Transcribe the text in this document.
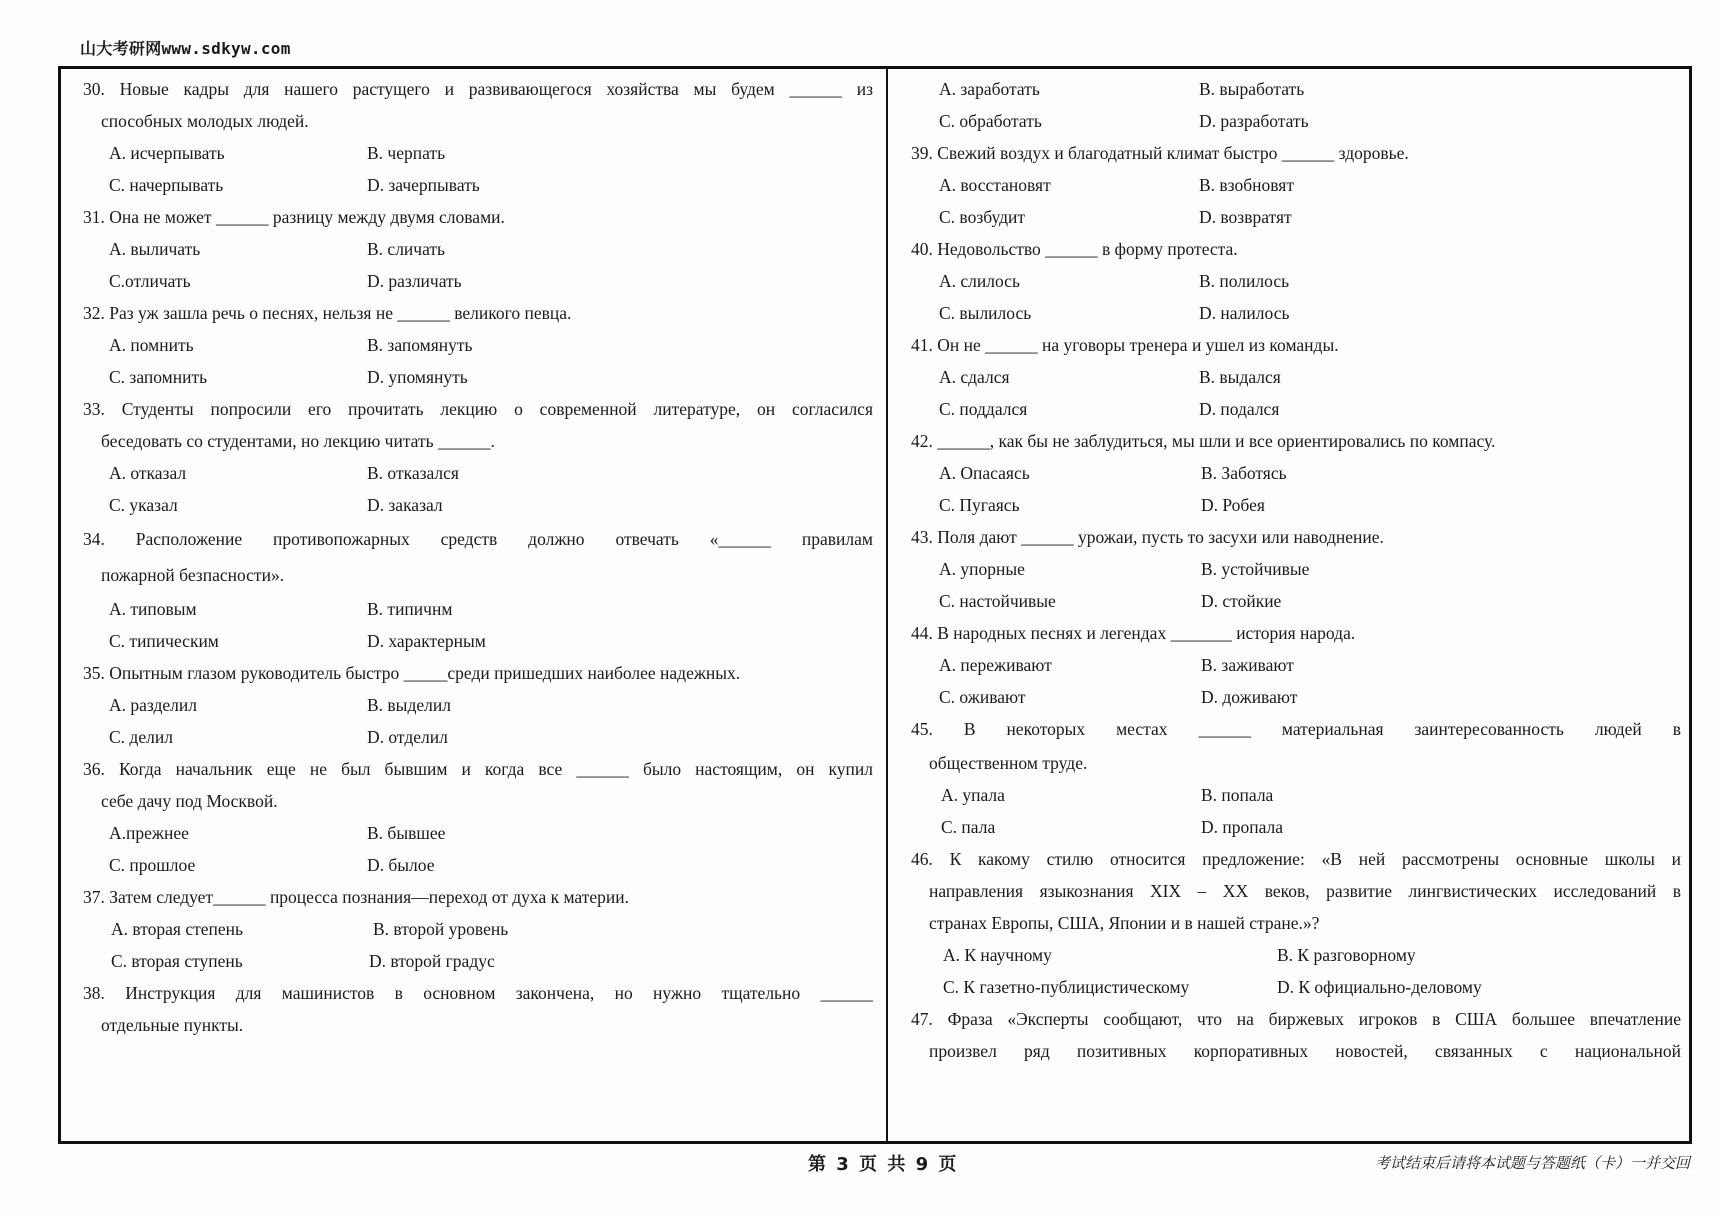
山大考研网www.sdkyw.com
30. Новые кадры для нашего растущего и развивающегося хозяйства мы будем ______ из
способных молодых людей.
A. исчерпывать	B. черпать
C. начерпывать	D. зачерпывать
31. Она не может ______ разницу между двумя словами.
A. выличать	B. сличать
C.отличать	D. различать
32. Раз уж зашла речь о песнях, нельзя не ______ великого певца.
A. помнить	B. запомянуть
C. запомнить	D. упомянуть
33. Студенты попросили его прочитать лекцию о современной литературе, он согласился
беседовать со студентами, но лекцию читать ______.
A. отказал	B. отказался
C. указал	D. заказал
34. Расположение противопожарных средств должно отвечать «______ правилам
пожарной безпасности».
A. типовым	B. типичнм
C. типическим	D. характерным
35. Опытным глазом руководитель быстро _____среди пришедших наиболее надежных.
A. разделил	B. выделил
C. делил	D. отделил
36. Когда начальник еще не был бывшим и когда все ______ было настоящим, он купил
себе дачу под Москвой.
A.прежнее	B. бывшее
C. прошлое	D. былое
37. Затем следует______ процесса познания—переход от духа к материи.
A. вторая степень	B. второй уровень
C. вторая ступень	D. второй градус
38. Инструкция для машинистов в основном закончена, но нужно тщательно ______
отдельные пункты.
A. заработать	B. выработать
C. обработать	D. разработать
39. Свежий воздух и благодатный климат быстро ______ здоровье.
A. восстановят	B. взобновят
C. возбудит	D. возвратят
40. Недовольство ______ в форму протеста.
A. слилось	B. полилось
C. вылилось	D. налилось
41. Он не ______ на уговоры тренера и ушел из команды.
A. сдался	B. выдался
C. поддался	D. подался
42. ______, как бы не заблудиться, мы шли и все ориентировались по компасу.
A. Опасаясь	B. Заботясь
C. Пугаясь	D. Робея
43. Поля дают ______ урожаи, пусть то засухи или наводнение.
A. упорные	B. устойчивые
C. настойчивые	D. стойкие
44. В народных песнях и легендах _______ история народа.
A. переживают	B. заживают
C. оживают	D. доживают
45. В некоторых местах ______ материальная заинтересованность людей в
общественном труде.
A. упала	B. попала
C. пала	D. пропала
46. К какому стилю относится предложение: «В ней рассмотрены основные школы и
направления языкознания XIX – XX веков, развитие лингвистических исследований в
странах Европы, США, Японии и в нашей стране.»?
A. К научному	B. К разговорному
C. К газетно-публицистическому	D. К официально-деловому
47. Фраза «Эксперты сообщают, что на биржевых игроков в США большее впечатление
произвел ряд позитивных корпоративных новостей, связанных с национальной
第 3 页 共 9 页	考试结束后请将本试题与答题纸（卡）一并交回
